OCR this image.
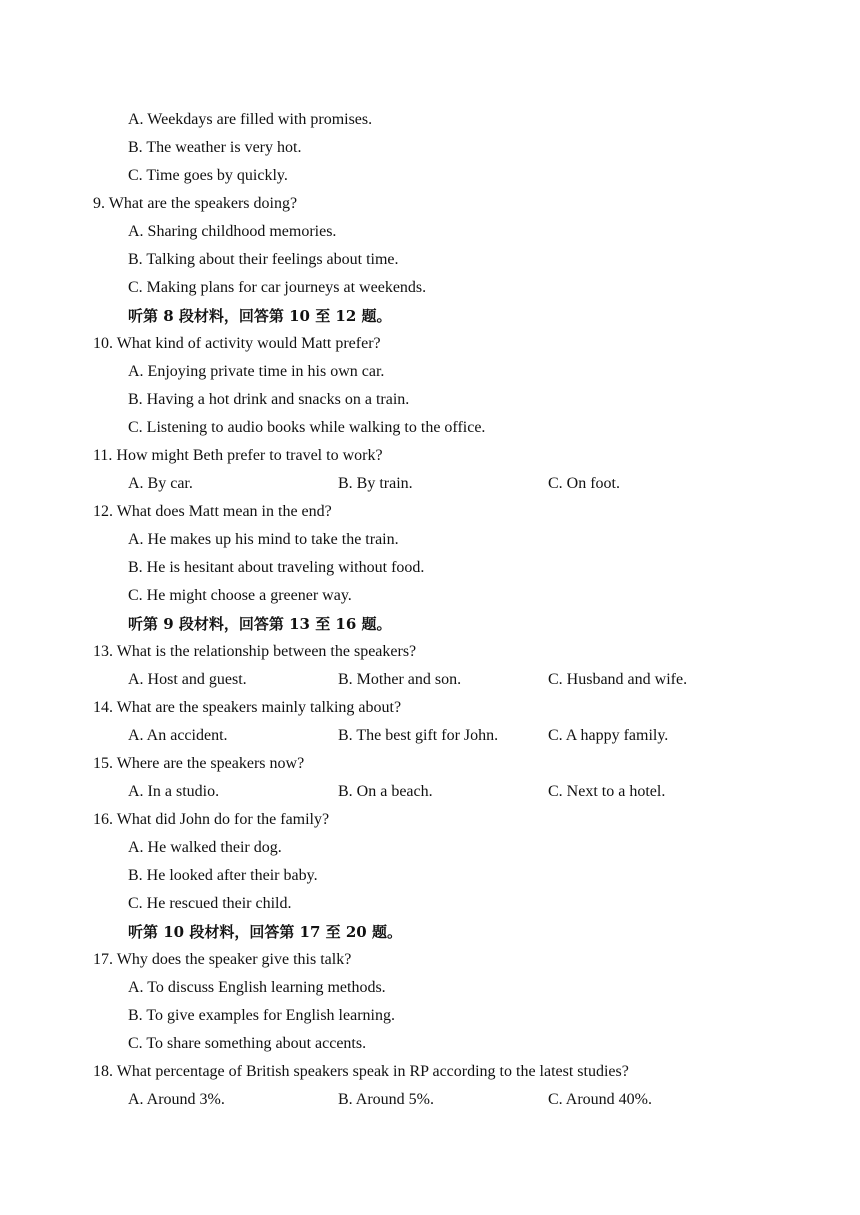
A. Weekdays are filled with promises.
B. The weather is very hot.
C. Time goes by quickly.
9. What are the speakers doing?
A. Sharing childhood memories.
B. Talking about their feelings about time.
C. Making plans for car journeys at weekends.
听第 8 段材料，回答第 10 至 12 题。
10. What kind of activity would Matt prefer?
A. Enjoying private time in his own car.
B. Having a hot drink and snacks on a train.
C. Listening to audio books while walking to the office.
11. How might Beth prefer to travel to work?
A. By car.	B. By train.	C. On foot.
12. What does Matt mean in the end?
A. He makes up his mind to take the train.
B. He is hesitant about traveling without food.
C. He might choose a greener way.
听第 9 段材料，回答第 13 至 16 题。
13. What is the relationship between the speakers?
A. Host and guest.	B. Mother and son.	C. Husband and wife.
14. What are the speakers mainly talking about?
A. An accident.	B. The best gift for John.	C. A happy family.
15. Where are the speakers now?
A. In a studio.	B. On a beach.	C. Next to a hotel.
16. What did John do for the family?
A. He walked their dog.
B. He looked after their baby.
C. He rescued their child.
听第 10 段材料，回答第 17 至 20 题。
17. Why does the speaker give this talk?
A. To discuss English learning methods.
B. To give examples for English learning.
C. To share something about accents.
18. What percentage of British speakers speak in RP according to the latest studies?
A. Around 3%.	B. Around 5%.	C. Around 40%.
